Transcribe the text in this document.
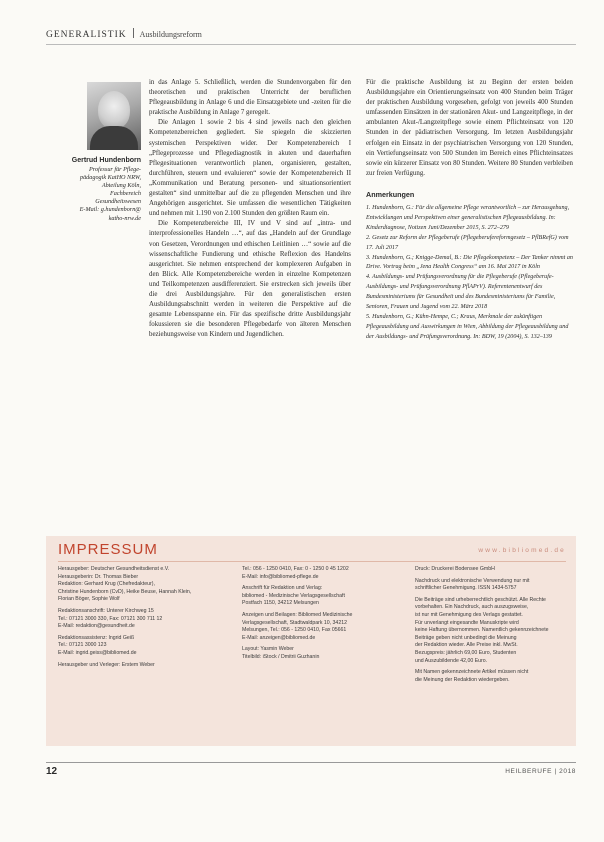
GENERALISTIK Ausbildungsreform
Gertrud Hundenborn
Professur für Pflege-
pädagogik KatHO NRW,
Abteilung Köln,
Fachbereich
Gesundheitswesen
E-Mail: g.hundenborn@
katho-nrw.de

in das Anlage 5. Schließlich, werden die Stundenvorgaben für den theoretischen und praktischen Unterricht der beruflichen Pflegeausbildung in Anlage 6 und die Einsatzgebiete und -zeiten für die praktische Ausbildung in Anlage 7 geregelt.

Die Anlagen 1 sowie 2 bis 4 sind jeweils nach den gleichen Kompetenzbereichen gegliedert. Sie spiegeln die skizzierten systemischen Perspektiven wider. Der Kompetenzbereich I „Pflegeprozesse und Pflegediagnostik in akuten und dauerhaften Pflegesituationen verantwortlich planen, organisieren, gestalten, durchführen, steuern und evaluieren“ sowie der Kompetenzbereich II „Kommunikation und Beratung personen- und situationsorientiert gestalten“ sind unmittelbar auf die zu pflegenden Menschen und ihre Angehörigen ausgerichtet. Sie umfassen die wesentlichen Tätigkeiten und nehmen mit 1.190 von 2.100 Stunden den größten Raum ein.

Die Kompetenzbereiche III, IV und V sind auf „intra- und interprofessionelles Handeln …“, auf das „Handeln auf der Grundlage von Gesetzen, Verordnungen und ethischen Leitlinien …“ sowie auf die wissenschaftliche Fundierung und ethische Reflexion des Handelns ausgerichtet. Sie nehmen entsprechend der komplexeren Aufgaben in den Blick. Alle Kompetenzbereiche werden in einzelne Kompetenzen und Teilkompetenzen ausdifferenziert. Sie erstrecken sich jeweils über die drei Ausbildungsjahre. Für den generalistischen ersten Ausbildungsabschnitt werden in weiteren die Perspektive auf die gesamte Lebensspanne ein. Für das spezifische dritte Ausbildungsjahr fokussieren sie die besonderen Pflegebedarfe von älteren Menschen beziehungsweise von Kindern und Jugendlichen.

Für die praktische Ausbildung ist zu Beginn der ersten beiden Ausbildungsjahre ein Orientierungseinsatz von 400 Stunden beim Träger der praktischen Ausbildung vorgesehen, gefolgt von jeweils 400 Stunden umfassenden Einsätzen in der stationären Akut- und Langzeitpflege, in der ambulanten Akut-/Langzeitpflege sowie einem Pflichteinsatz von 120 Stunden in der pädiatrischen Versorgung. Im letzten Ausbildungsjahr erfolgen ein Einsatz in der psychiatrischen Versorgung von 120 Stunden, ein Vertiefungseinsatz von 500 Stunden im Bereich eines Pflichteinsatzes sowie ein kürzerer Einsatz von 80 Stunden. Weitere 80 Stunden verbleiben zur freien Verfügung.

Anmerkungen

1. Hundenborn, G.: Für die allgemeine Pflege verantwortlich – zur Herausgebung, Entwicklungen und Perspektiven einer generalistischen Pflegeausbildung. In: Kinderdiagnose, Notizen Juni/Dezember 2015, S. 272–279

2. Gesetz zur Reform der Pflegeberufe (Pflegeberufereformgesetz – PflBRefG) vom 17. Juli 2017

3. Hundenborn, G.; Knigge-Demal, B.: Die Pflegekompetenz – Der Tanker nimmt an Drive. Vortrag beim „Jena Health Congress“ am 16. Mai 2017 in Köln

4. Ausbildungs- und Prüfungsverordnung für die Pflegeberufe (Pflegeberufe-Ausbildungs- und Prüfungsverordnung PflAPrV). Referentenentwurf des Bundesministeriums für Gesundheit und des Bundesministeriums für Familie, Senioren, Frauen und Jugend vom 22. März 2018

5. Hundenborn, G.; Kühn-Hempe, C.; Kraus, Merkmale der zukünftigen Pflegeausbildung und Auswirkungen in Wien, Abbildung der Pflegeausbildung und der Ausbildungs- und Prüfungsverordnung. In: BDW, 19 (2004), S. 132–139

IMPRESSUM	www.bibliomed.de
Herausgeber: Deutscher Gesundheitsdienst e.V.
Herausgeberin: Dr. Thomas Bieber
Redaktion: Gerhard Krug (Chefredakteur),
Christine Hundenborn (CvD), Heike Beuse, Hannah Klein,
Florian Böger, Sophie Wolf
Redaktionsanschrift: Unterer Kirchweg 15
Tel.: 07121 3000 330, Fax: 07121 300 711 12
E-Mail: redaktion@gesundheit.de
Redaktionsassistenz: Ingrid Geiß
Tel.: 07121 3000 123
E-Mail: ingrid.geiss@bibliomed.de
Herausgeber und Verleger: Erstem Weber
Tel.: 056 - 1250 0410, Fax: 0 - 1250 0 45 1202
E-Mail: info@bibliomed-pflege.de
Anschrift für Redaktion und Verlag:
bibliomed - Medizinische Verlagsgesellschaft
Postfach 1150, 34212 Melsungen
Anzeigen und Beilagen: Bibliomed Medizinische
Verlagsgesellschaft, Stadtwaldpark 10, 34212
Melsungen, Tel.: 056 - 1250 0410, Fax 05661
E-Mail: anzeigen@bibliomed.de
Layout: Yasmin Weber
Titelbild: iStock / Dmitrii Guzhanin
Druck: Druckerei Bodensee GmbH
Nachdruck und elektronische Verwendung nur mit
schriftlicher Genehmigung. ISSN 1434-5757
Die Beiträge sind urheberrechtlich geschützt. Alle Rechte
vorbehalten. Ein Nachdruck, auch auszugsweise,
ist nur mit Genehmigung des Verlags gestattet.
Für unverlangt eingesandte Manuskripte wird
keine Haftung übernommen. Namentlich gekennzeichnete
Beiträge geben nicht unbedingt die Meinung
der Redaktion wieder. Alle Preise inkl. MwSt.
Bezugspreis: jährlich 69,00 Euro, Studenten
und Auszubildende 42,00 Euro.
Mit Namen gekennzeichnete Artikel müssen nicht
die Meinung der Redaktion wiedergeben.
12	HEILBERUFE | 2018
